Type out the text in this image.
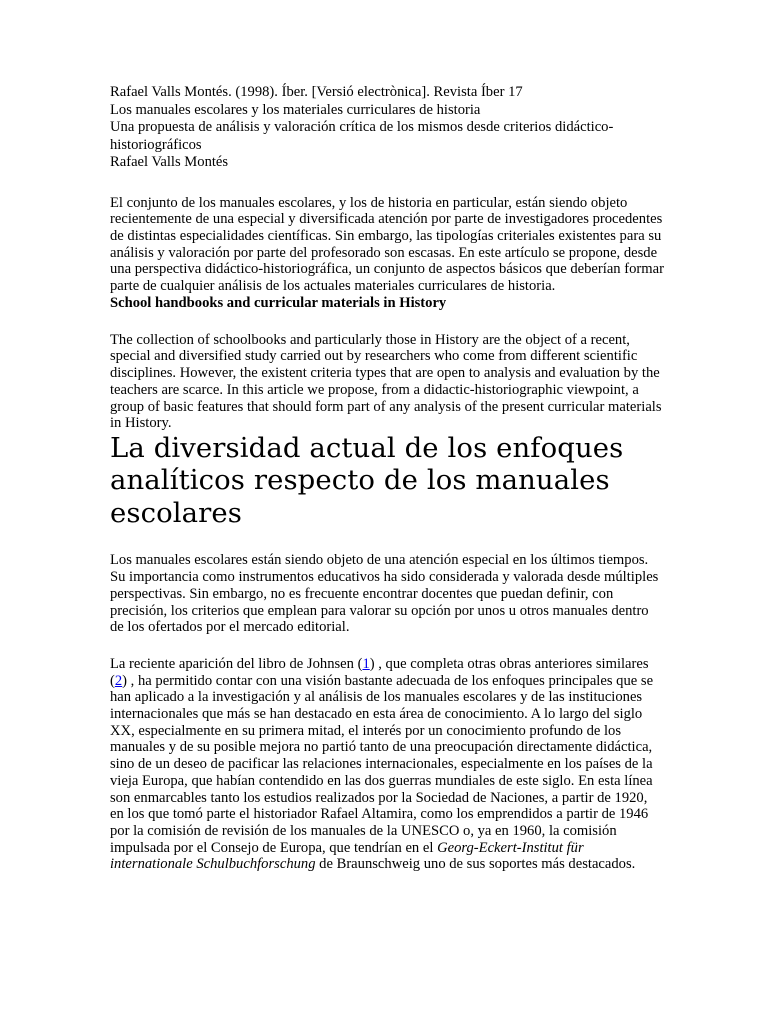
Rafael Valls Montés. (1998). Íber. [Versió electrònica]. Revista Íber 17

Los manuales escolares y los materiales curriculares de historia

Una propuesta de análisis y valoración crítica de los mismos desde criterios didáctico-historiográficos

Rafael Valls Montés

El conjunto de los manuales escolares, y los de historia en particular, están siendo objeto recientemente de una especial y diversificada atención por parte de investigadores procedentes de distintas especialidades científicas. Sin embargo, las tipologías criteriales existentes para su análisis y valoración por parte del profesorado son escasas. En este artículo se propone, desde una perspectiva didáctico-historiográfica, un conjunto de aspectos básicos que deberían formar parte de cualquier análisis de los actuales materiales curriculares de historia.

School handbooks and curricular materials in History

The collection of schoolbooks and particularly those in History are the object of a recent, special and diversified study carried out by researchers who come from different scientific disciplines. However, the existent criteria types that are open to analysis and evaluation by the teachers are scarce. In this article we propose, from a didactic-historiographic viewpoint, a group of basic features that should form part of any analysis of the present curricular materials in History.

La diversidad actual de los enfoques analíticos respecto de los manuales escolares

Los manuales escolares están siendo objeto de una atención especial en los últimos tiempos. Su importancia como instrumentos educativos ha sido considerada y valorada desde múltiples perspectivas. Sin embargo, no es frecuente encontrar docentes que puedan definir, con precisión, los criterios que emplean para valorar su opción por unos u otros manuales dentro de los ofertados por el mercado editorial.

La reciente aparición del libro de Johnsen (1) , que completa otras obras anteriores similares (2) , ha permitido contar con una visión bastante adecuada de los enfoques principales que se han aplicado a la investigación y al análisis de los manuales escolares y de las instituciones internacionales que más se han destacado en esta área de conocimiento. A lo largo del siglo XX, especialmente en su primera mitad, el interés por un conocimiento profundo de los manuales y de su posible mejora no partió tanto de una preocupación directamente didáctica, sino de un deseo de pacificar las relaciones internacionales, especialmente en los países de la vieja Europa, que habían contendido en las dos guerras mundiales de este siglo. En esta línea son enmarcables tanto los estudios realizados por la Sociedad de Naciones, a partir de 1920, en los que tomó parte el historiador Rafael Altamira, como los emprendidos a partir de 1946 por la comisión de revisión de los manuales de la UNESCO o, ya en 1960, la comisión impulsada por el Consejo de Europa, que tendrían en el Georg-Eckert-Institut für internationale Schulbuchforschung de Braunschweig uno de sus soportes más destacados.
